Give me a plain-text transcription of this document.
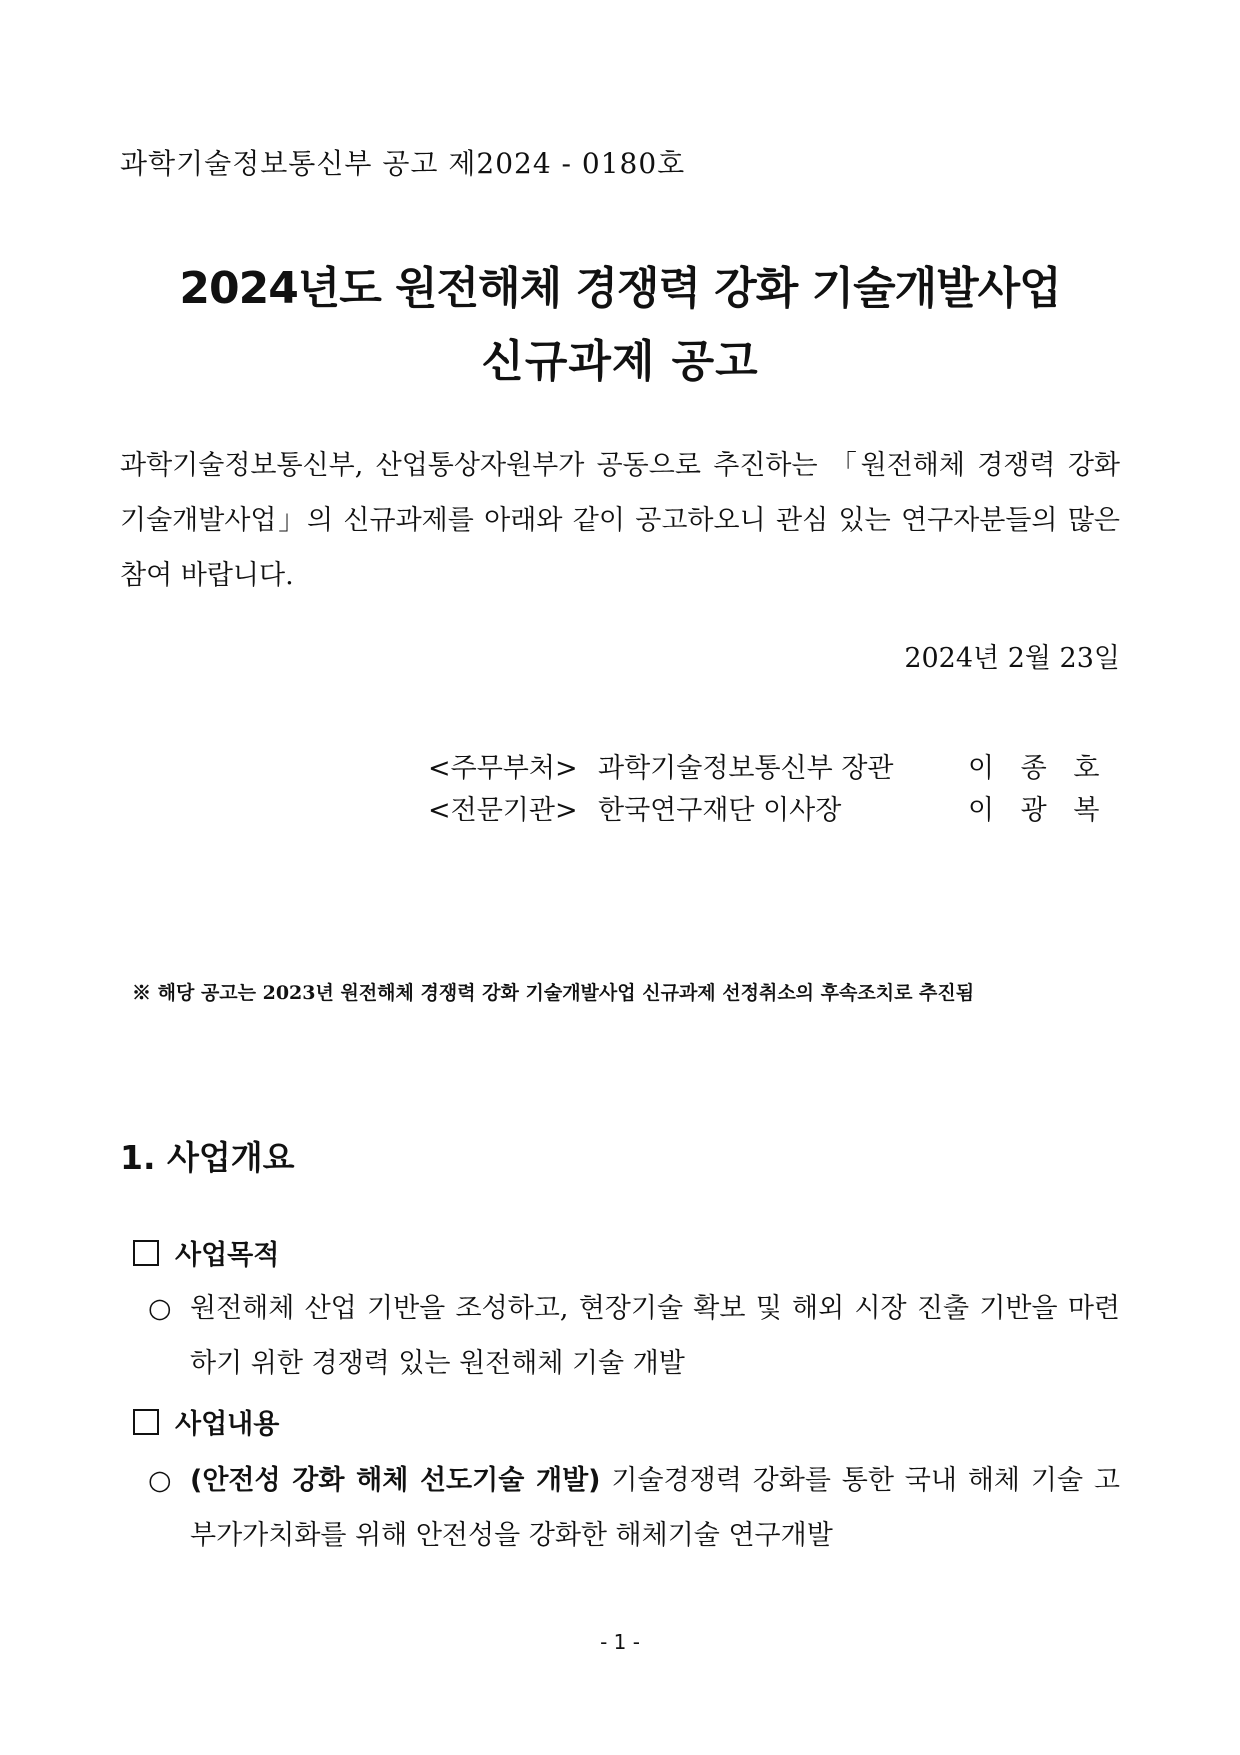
과학기술정보통신부 공고 제2024 - 0180호
2024년도 원전해체 경쟁력 강화 기술개발사업
신규과제 공고
과학기술정보통신부, 산업통상자원부가 공동으로 추진하는 「원전해체 경쟁력 강화 기술개발사업」의 신규과제를 아래와 같이 공고하오니 관심 있는 연구자분들의 많은 참여 바랍니다.
2024년 2월 23일
<주무부처> 과학기술정보통신부 장관	이 종 호
<전문기관> 한국연구재단 이사장	이 광 복
※ 해당 공고는 2023년 원전해체 경쟁력 강화 기술개발사업 신규과제 선정취소의 후속조치로 추진됨
1. 사업개요
사업목적
○ 원전해체 산업 기반을 조성하고, 현장기술 확보 및 해외 시장 진출 기반을 마련하기 위한 경쟁력 있는 원전해체 기술 개발
사업내용
○ (안전성 강화 해체 선도기술 개발) 기술경쟁력 강화를 통한 국내 해체 기술 고부가가치화를 위해 안전성을 강화한 해체기술 연구개발
- 1 -
